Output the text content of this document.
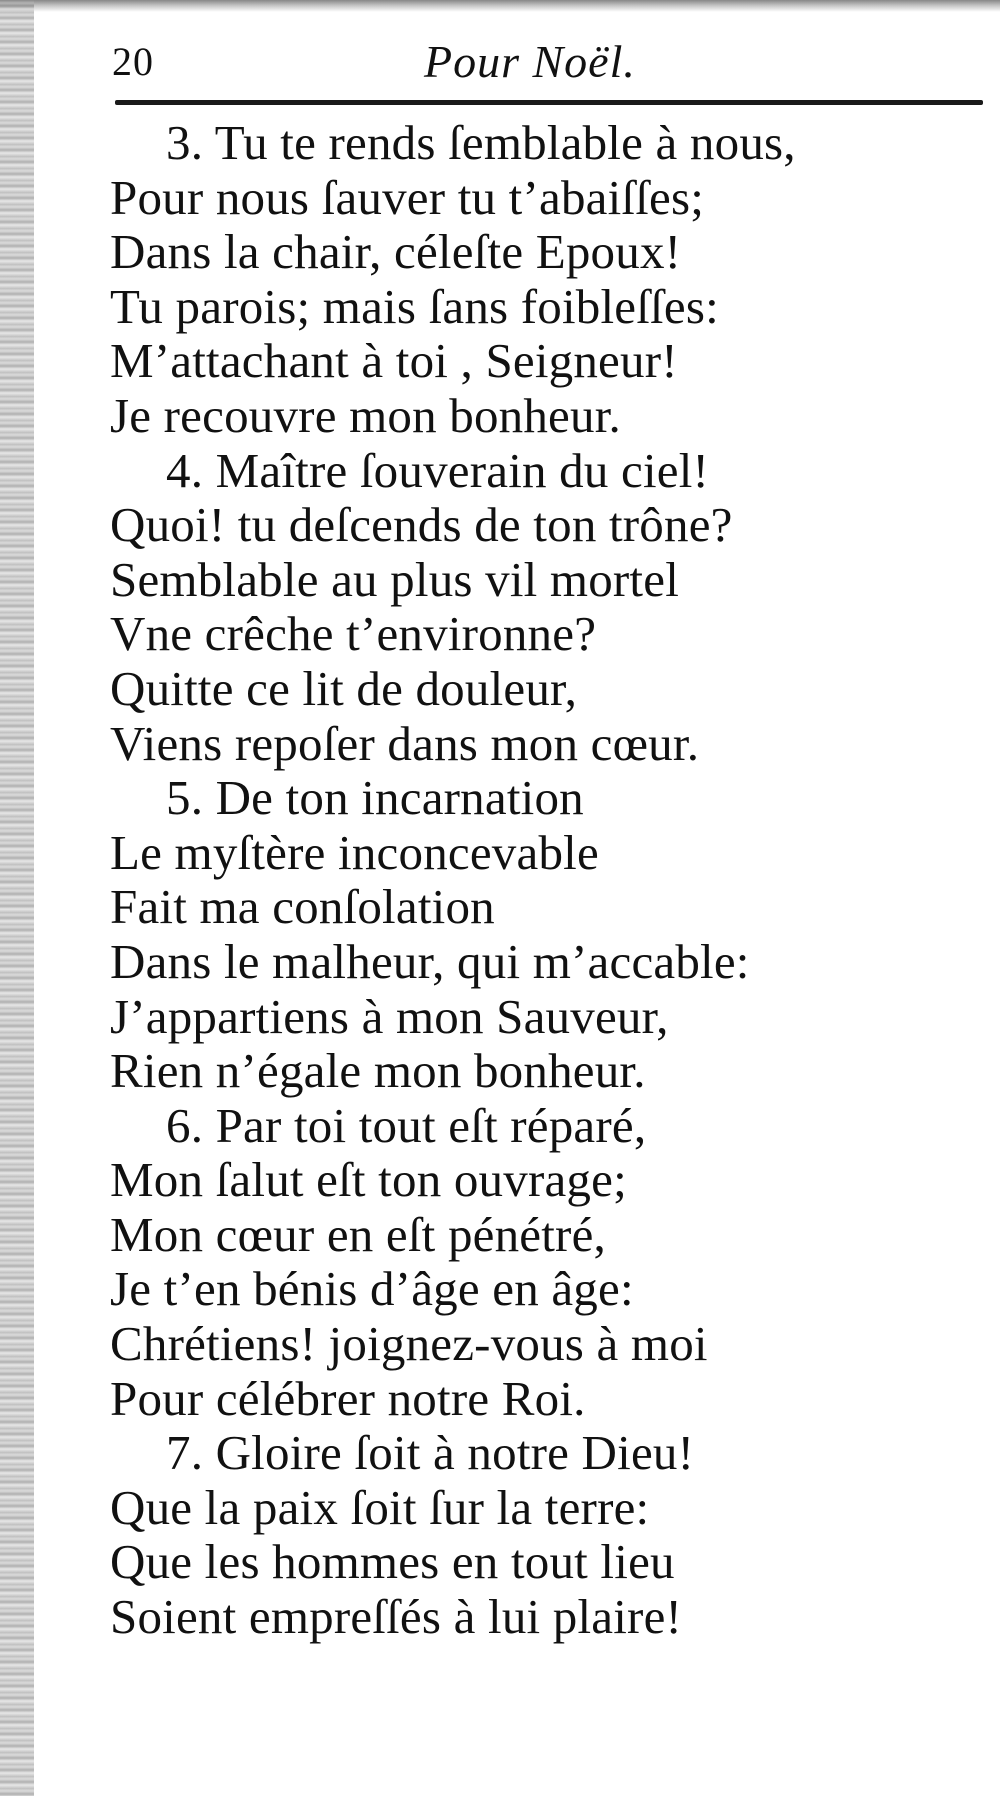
20	Pour Noël.
3. Tu te rends ſemblable à nous,
Pour nous ſauver tu t’abaiſſes;
Dans la chair, céleſte Epoux!
Tu parois; mais ſans foibleſſes:
M’attachant à toi , Seigneur!
Je recouvre mon bonheur.
4. Maître ſouverain du ciel!
Quoi! tu deſcends de ton trône?
Semblable au plus vil mortel
Vne crêche t’environne?
Quitte ce lit de douleur,
Viens repoſer dans mon cœur.
5. De ton incarnation
Le myſtère inconcevable
Fait ma conſolation
Dans le malheur, qui m’accable:
J’appartiens à mon Sauveur,
Rien n’égale mon bonheur.
6. Par toi tout eſt réparé,
Mon ſalut eſt ton ouvrage;
Mon cœur en eſt pénétré,
Je t’en bénis d’âge en âge:
Chrétiens! joignez-vous à moi
Pour célébrer notre Roi.
7. Gloire ſoit à notre Dieu!
Que la paix ſoit ſur la terre:
Que les hommes en tout lieu
Soient empreſſés à lui plaire!
